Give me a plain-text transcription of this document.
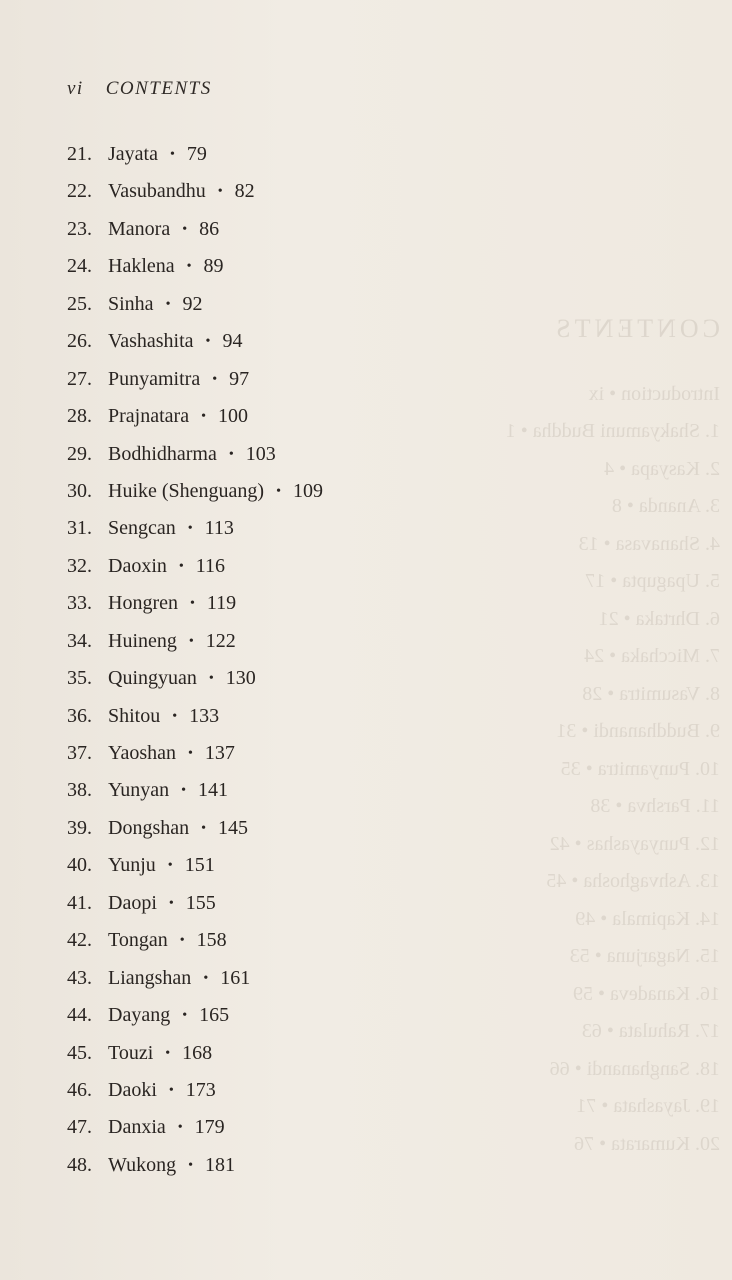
CONTENTS
Introduction • ix
1. Shakyamuni Buddha • 1
2. Kasyapa • 4
3. Ananda • 8
4. Shanavasa • 13
5. Upagupta • 17
6. Dhrtaka • 21
7. Micchaka • 24
8. Vasumitra • 28
9. Buddhanandi • 31
10. Punyamitra • 35
11. Parshva • 38
12. Punyayashas • 42
13. Ashvaghosha • 45
14. Kapimala • 49
15. Nagarjuna • 53
16. Kanadeva • 59
17. Rahulata • 63
18. Sanghanandi • 66
19. Jayashata • 71
20. Kumarata • 76
vi CONTENTS
21. Jayata • 79
22. Vasubandhu • 82
23. Manora • 86
24. Haklena • 89
25. Sinha • 92
26. Vashashita • 94
27. Punyamitra • 97
28. Prajnatara • 100
29. Bodhidharma • 103
30. Huike (Shenguang) • 109
31. Sengcan • 113
32. Daoxin • 116
33. Hongren • 119
34. Huineng • 122
35. Quingyuan • 130
36. Shitou • 133
37. Yaoshan • 137
38. Yunyan • 141
39. Dongshan • 145
40. Yunju • 151
41. Daopi • 155
42. Tongan • 158
43. Liangshan • 161
44. Dayang • 165
45. Touzi • 168
46. Daoki • 173
47. Danxia • 179
48. Wukong • 181
